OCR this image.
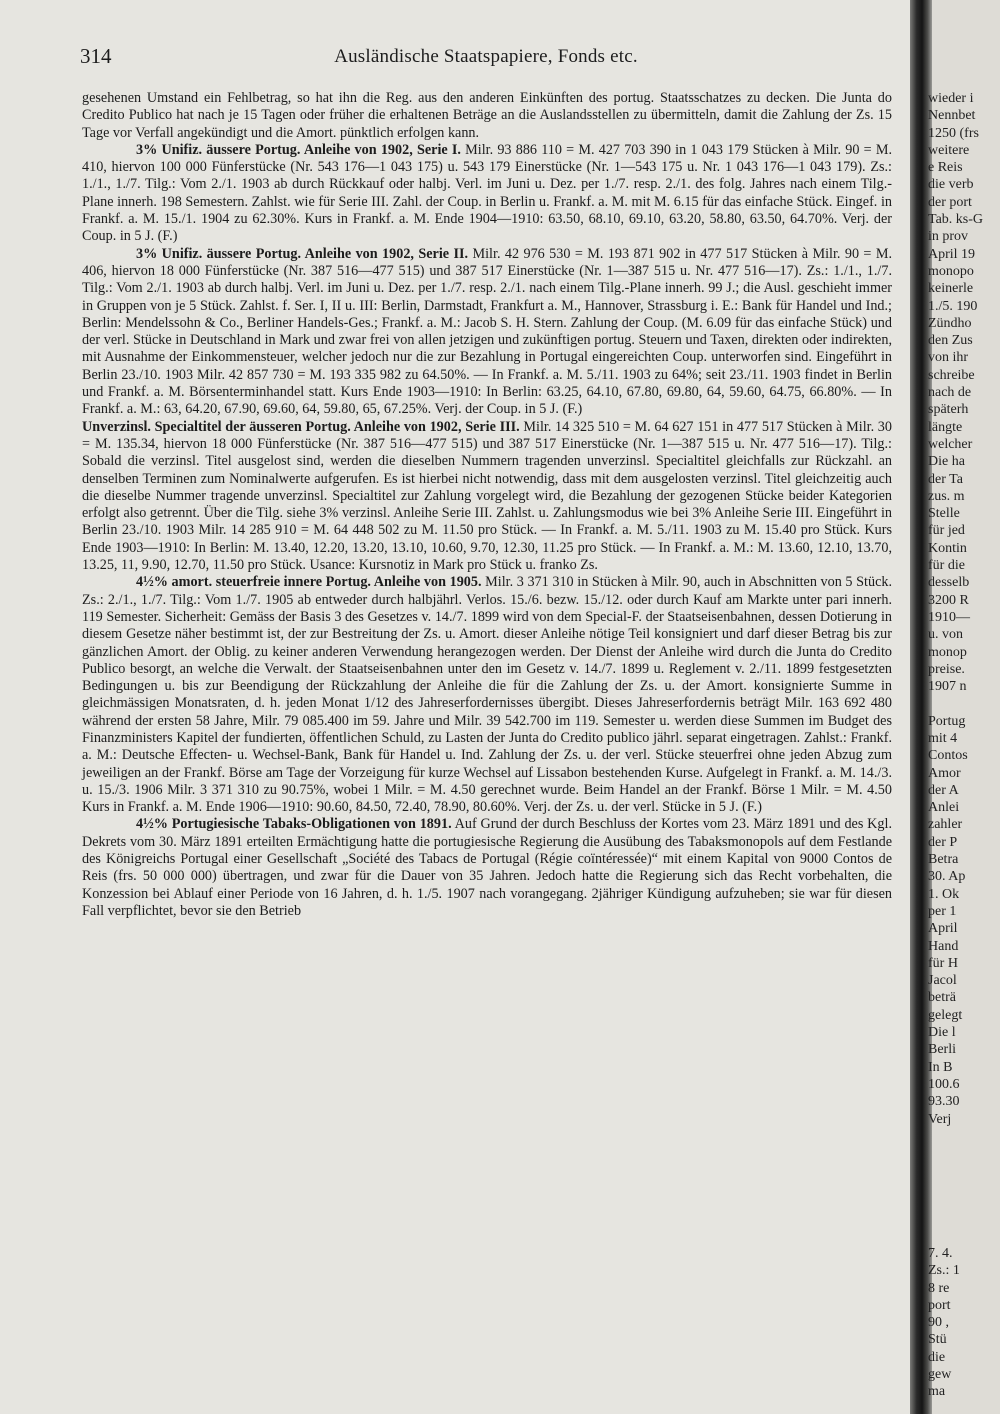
314	Ausländische Staatspapiere, Fonds etc.

gesehenen Umstand ein Fehlbetrag, so hat ihn die Reg. aus den anderen Einkünften des portug. Staatsschatzes zu decken. Die Junta do Credito Publico hat nach je 15 Tagen oder früher die erhaltenen Beträge an die Auslandsstellen zu übermitteln, damit die Zahlung der Zs. 15 Tage vor Verfall angekündigt und die Amort. pünktlich erfolgen kann.

3% Unifiz. äussere Portug. Anleihe von 1902, Serie I. Milr. 93 886 110 = M. 427 703 390 in 1 043 179 Stücken à Milr. 90 = M. 410, hiervon 100 000 Fünferstücke (Nr. 543 176—1 043 175) u. 543 179 Einerstücke (Nr. 1—543 175 u. Nr. 1 043 176—1 043 179). Zs.: 1./1., 1./7. Tilg.: Vom 2./1. 1903 ab durch Rückkauf oder halbj. Verl. im Juni u. Dez. per 1./7. resp. 2./1. des folg. Jahres nach einem Tilg.-Plane innerh. 198 Semestern. Zahlst. wie für Serie III. Zahl. der Coup. in Berlin u. Frankf. a. M. mit M. 6.15 für das einfache Stück. Eingef. in Frankf. a. M. 15./1. 1904 zu 62.30%. Kurs in Frankf. a. M. Ende 1904—1910: 63.50, 68.10, 69.10, 63.20, 58.80, 63.50, 64.70%. Verj. der Coup. in 5 J. (F.)

3% Unifiz. äussere Portug. Anleihe von 1902, Serie II. Milr. 42 976 530 = M. 193 871 902 in 477 517 Stücken à Milr. 90 = M. 406, hiervon 18 000 Fünferstücke (Nr. 387 516—477 515) und 387 517 Einerstücke (Nr. 1—387 515 u. Nr. 477 516—17). Zs.: 1./1., 1./7. Tilg.: Vom 2./1. 1903 ab durch halbj. Verl. im Juni u. Dez. per 1./7. resp. 2./1. nach einem Tilg.-Plane innerh. 99 J.; die Ausl. geschieht immer in Gruppen von je 5 Stück. Zahlst. f. Ser. I, II u. III: Berlin, Darmstadt, Frankfurt a. M., Hannover, Strassburg i. E.: Bank für Handel und Ind.; Berlin: Mendelssohn & Co., Berliner Handels-Ges.; Frankf. a. M.: Jacob S. H. Stern. Zahlung der Coup. (M. 6.09 für das einfache Stück) und der verl. Stücke in Deutschland in Mark und zwar frei von allen jetzigen und zukünftigen portug. Steuern und Taxen, direkten oder indirekten, mit Ausnahme der Einkommensteuer, welcher jedoch nur die zur Bezahlung in Portugal eingereichten Coup. unterworfen sind. Eingeführt in Berlin 23./10. 1903 Milr. 42 857 730 = M. 193 335 982 zu 64.50%. — In Frankf. a. M. 5./11. 1903 zu 64%; seit 23./11. 1903 findet in Berlin und Frankf. a. M. Börsenterminhandel statt. Kurs Ende 1903—1910: In Berlin: 63.25, 64.10, 67.80, 69.80, 64, 59.60, 64.75, 66.80%. — In Frankf. a. M.: 63, 64.20, 67.90, 69.60, 64, 59.80, 65, 67.25%. Verj. der Coup. in 5 J. (F.)

Unverzinsl. Specialtitel der äusseren Portug. Anleihe von 1902, Serie III. Milr. 14 325 510 = M. 64 627 151 in 477 517 Stücken à Milr. 30 = M. 135.34, hiervon 18 000 Fünferstücke (Nr. 387 516—477 515) und 387 517 Einerstücke (Nr. 1—387 515 u. Nr. 477 516—17). Tilg.: Sobald die verzinsl. Titel ausgelost sind, werden die dieselben Nummern tragenden unverzinsl. Specialtitel gleichfalls zur Rückzahl. an denselben Terminen zum Nominalwerte aufgerufen. Es ist hierbei nicht notwendig, dass mit dem ausgelosten verzinsl. Titel gleichzeitig auch die dieselbe Nummer tragende unverzinsl. Specialtitel zur Zahlung vorgelegt wird, die Bezahlung der gezogenen Stücke beider Kategorien erfolgt also getrennt. Über die Tilg. siehe 3% verzinsl. Anleihe Serie III. Zahlst. u. Zahlungsmodus wie bei 3% Anleihe Serie III. Eingeführt in Berlin 23./10. 1903 Milr. 14 285 910 = M. 64 448 502 zu M. 11.50 pro Stück. — In Frankf. a. M. 5./11. 1903 zu M. 15.40 pro Stück. Kurs Ende 1903—1910: In Berlin: M. 13.40, 12.20, 13.20, 13.10, 10.60, 9.70, 12.30, 11.25 pro Stück. — In Frankf. a. M.: M. 13.60, 12.10, 13.70, 13.25, 11, 9.90, 12.70, 11.50 pro Stück. Usance: Kursnotiz in Mark pro Stück u. franko Zs.

4½% amort. steuerfreie innere Portug. Anleihe von 1905. Milr. 3 371 310 in Stücken à Milr. 90, auch in Abschnitten von 5 Stück. Zs.: 2./1., 1./7. Tilg.: Vom 1./7. 1905 ab entweder durch halbjährl. Verlos. 15./6. bezw. 15./12. oder durch Kauf am Markte unter pari innerh. 119 Semester. Sicherheit: Gemäss der Basis 3 des Gesetzes v. 14./7. 1899 wird von dem Special-F. der Staatseisenbahnen, dessen Dotierung in diesem Gesetze näher bestimmt ist, der zur Bestreitung der Zs. u. Amort. dieser Anleihe nötige Teil konsigniert und darf dieser Betrag bis zur gänzlichen Amort. der Oblig. zu keiner anderen Verwendung herangezogen werden. Der Dienst der Anleihe wird durch die Junta do Credito Publico besorgt, an welche die Verwalt. der Staatseisenbahnen unter den im Gesetz v. 14./7. 1899 u. Reglement v. 2./11. 1899 festgesetzten Bedingungen u. bis zur Beendigung der Rückzahlung der Anleihe die für die Zahlung der Zs. u. der Amort. konsignierte Summe in gleichmässigen Monatsraten, d. h. jeden Monat 1/12 des Jahreserfordernisses übergibt. Dieses Jahreserfordernis beträgt Milr. 163 692 480 während der ersten 58 Jahre, Milr. 79 085.400 im 59. Jahre und Milr. 39 542.700 im 119. Semester u. werden diese Summen im Budget des Finanzministers Kapitel der fundierten, öffentlichen Schuld, zu Lasten der Junta do Credito publico jährl. separat eingetragen. Zahlst.: Frankf. a. M.: Deutsche Effecten- u. Wechsel-Bank, Bank für Handel u. Ind. Zahlung der Zs. u. der verl. Stücke steuerfrei ohne jeden Abzug zum jeweiligen an der Frankf. Börse am Tage der Vorzeigung für kurze Wechsel auf Lissabon bestehenden Kurse. Aufgelegt in Frankf. a. M. 14./3. u. 15./3. 1906 Milr. 3 371 310 zu 90.75%, wobei 1 Milr. = M. 4.50 gerechnet wurde. Beim Handel an der Frankf. Börse 1 Milr. = M. 4.50 Kurs in Frankf. a. M. Ende 1906—1910: 90.60, 84.50, 72.40, 78.90, 80.60%. Verj. der Zs. u. der verl. Stücke in 5 J. (F.)

4½% Portugiesische Tabaks-Obligationen von 1891. Auf Grund der durch Beschluss der Kortes vom 23. März 1891 und des Kgl. Dekrets vom 30. März 1891 erteilten Ermächtigung hatte die portugiesische Regierung die Ausübung des Tabaksmonopols auf dem Festlande des Königreichs Portugal einer Gesellschaft „Société des Tabacs de Portugal (Régie coïntéressée)“ mit einem Kapital von 9000 Contos de Reis (frs. 50 000 000) übertragen, und zwar für die Dauer von 35 Jahren. Jedoch hatte die Regierung sich das Recht vorbehalten, die Konzession bei Ablauf einer Periode von 16 Jahren, d. h. 1./5. 1907 nach vorangegang. 2jähriger Kündigung aufzuheben; sie war für diesen Fall verpflichtet, bevor sie den Betrieb

wieder i
Nennbet
1250 (frs
weitere
e Reis
die verb
der port
Tab. ks-G
in prov
April 19
monopo
keinerle
1./5. 190
Zündho
den Zus
von ihr
schreibe
nach de
späterh
längte
welcher
Die ha
der Ta
zus. m
Stelle
für jed
Kontin
für die
desselb
3200 R
1910—
u. von
monop
preise.
1907 n
Portug
mit 4
Contos
Amor
der A
Anlei
zahler
der P
Betra
30. Ap
1. Ok
per 1
April
Hand
für H
Jacol
beträ
gelegt
Die l
Berli
In B
100.6
93.30
Verj
7. 4.
Zs.: 1
8 re
port
90 ,
Stü
die
gew
ma
